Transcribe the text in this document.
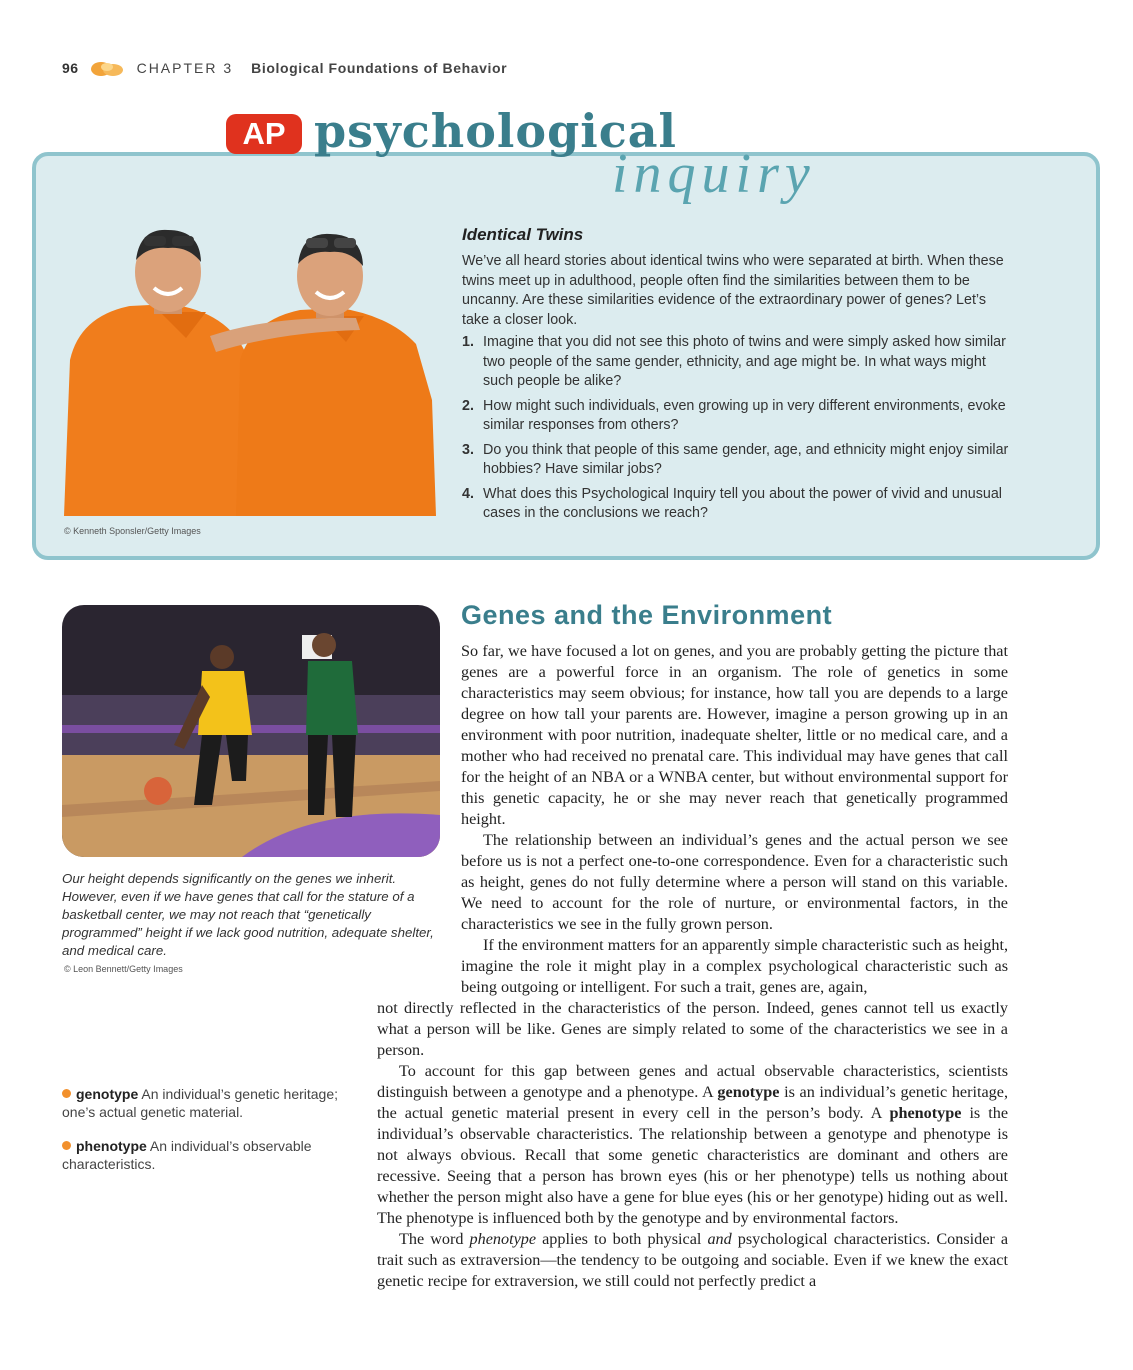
96	CHAPTER 3 Biological Foundations of Behavior
AP psychological
inquiry
© Kenneth Sponsler/Getty Images
Identical Twins

We’ve all heard stories about identical twins who were separated at birth. When these twins meet up in adulthood, people often find the similarities between them to be uncanny. Are these similarities evidence of the extraordinary power of genes? Let’s take a closer look.

1. Imagine that you did not see this photo of twins and were simply asked how similar two people of the same gender, ethnicity, and age might be. In what ways might such people be alike?
2. How might such individuals, even growing up in very different environments, evoke similar responses from others?
3. Do you think that people of this same gender, age, and ethnicity might enjoy similar hobbies? Have similar jobs?
4. What does this Psychological Inquiry tell you about the power of vivid and unusual cases in the conclusions we reach?

Our height depends significantly on the genes we inherit. However, even if we have genes that call for the stature of a basketball center, we may not reach that “genetically programmed” height if we lack good nutrition, adequate shelter, and medical care.

© Leon Bennett/Getty Images
Genes and the Environment

So far, we have focused a lot on genes, and you are probably getting the picture that genes are a powerful force in an organism. The role of genetics in some characteristics may seem obvious; for instance, how tall you are depends to a large degree on how tall your parents are. However, imagine a person growing up in an environment with poor nutrition, inadequate shelter, little or no medical care, and a mother who had received no prenatal care. This individual may have genes that call for the height of an NBA or a WNBA center, but without environmental support for this genetic capacity, he or she may never reach that genetically programmed height.

The relationship between an individual’s genes and the actual person we see before us is not a perfect one-to-one correspondence. Even for a characteristic such as height, genes do not fully determine where a person will stand on this variable. We need to account for the role of nurture, or environmental factors, in the characteristics we see in the fully grown person.

If the environment matters for an apparently simple characteristic such as height, imagine the role it might play in a complex psychological characteristic such as being outgoing or intelligent. For such a trait, genes are, again,

not directly reflected in the characteristics of the person. Indeed, genes cannot tell us exactly what a person will be like. Genes are simply related to some of the characteristics we see in a person.

To account for this gap between genes and actual observable characteristics, scientists distinguish between a genotype and a phenotype. A genotype is an individual’s genetic heritage, the actual genetic material present in every cell in the person’s body. A phenotype is the individual’s observable characteristics. The relationship between a genotype and phenotype is not always obvious. Recall that some genetic characteristics are dominant and others are recessive. Seeing that a person has brown eyes (his or her phenotype) tells us nothing about whether the person might also have a gene for blue eyes (his or her genotype) hiding out as well. The phenotype is influenced both by the genotype and by environmental factors.

The word phenotype applies to both physical and psychological characteristics. Consider a trait such as extraversion—the tendency to be outgoing and sociable. Even if we knew the exact genetic recipe for extraversion, we still could not perfectly predict a

genotype An individual’s genetic heritage; one’s actual genetic material.

phenotype An individual’s observable characteristics.
